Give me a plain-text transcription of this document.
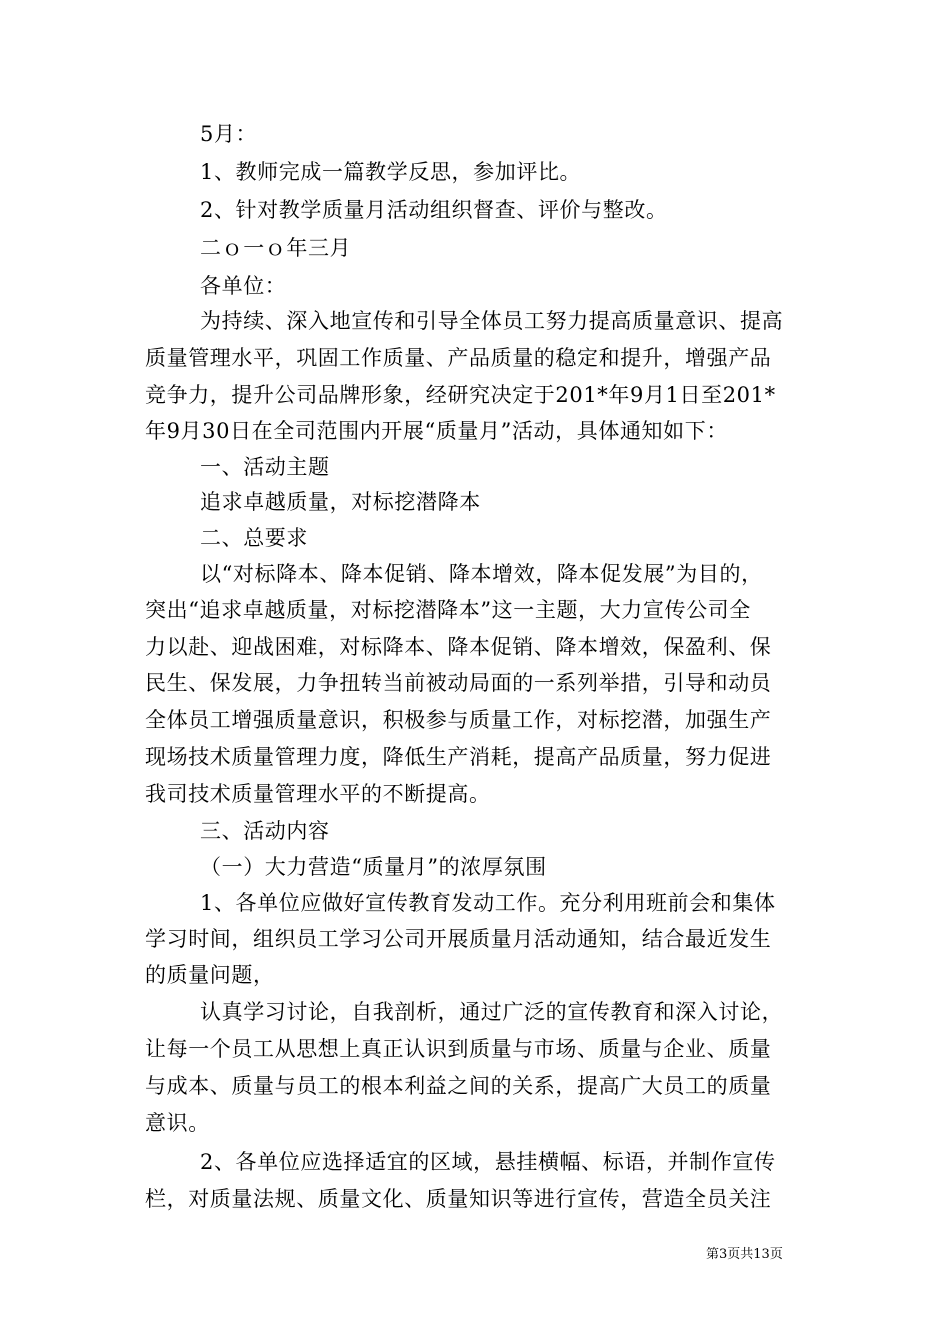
5月：
1、教师完成一篇教学反思，参加评比。
2、针对教学质量月活动组织督查、评价与整改。
二ｏ一ｏ年三月
各单位：
为持续、深入地宣传和引导全体员工努力提高质量意识、提高
质量管理水平，巩固工作质量、产品质量的稳定和提升，增强产品
竞争力，提升公司品牌形象，经研究决定于201*年9月1日至201*
年9月30日在全司范围内开展“质量月”活动，具体通知如下：
一、活动主题
追求卓越质量，对标挖潜降本
二、总要求
以“对标降本、降本促销、降本增效，降本促发展”为目的，
突出“追求卓越质量，对标挖潜降本”这一主题，大力宣传公司全
力以赴、迎战困难，对标降本、降本促销、降本增效，保盈利、保
民生、保发展，力争扭转当前被动局面的一系列举措，引导和动员
全体员工增强质量意识，积极参与质量工作，对标挖潜，加强生产
现场技术质量管理力度，降低生产消耗，提高产品质量，努力促进
我司技术质量管理水平的不断提高。
三、活动内容
（一）大力营造“质量月”的浓厚氛围
1、各单位应做好宣传教育发动工作。充分利用班前会和集体
学习时间，组织员工学习公司开展质量月活动通知，结合最近发生
的质量问题，
认真学习讨论，自我剖析，通过广泛的宣传教育和深入讨论，
让每一个员工从思想上真正认识到质量与市场、质量与企业、质量
与成本、质量与员工的根本利益之间的关系，提高广大员工的质量
意识。
2、各单位应选择适宜的区域，悬挂横幅、标语，并制作宣传
栏，对质量法规、质量文化、质量知识等进行宣传，营造全员关注
第3页共13页
